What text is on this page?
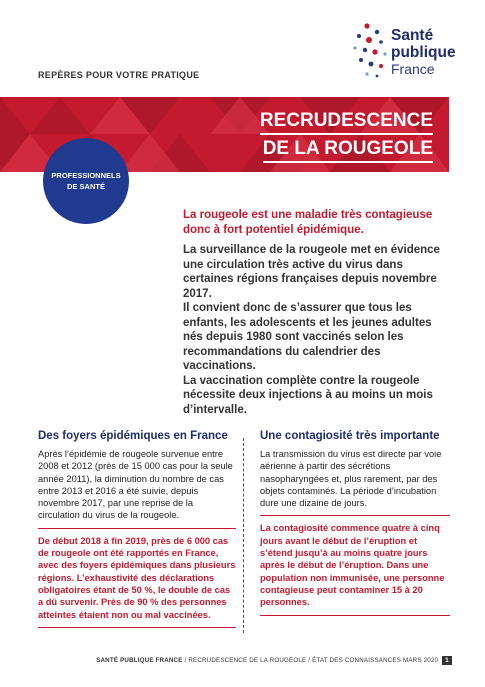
Santé
publique
France
REPÈRES POUR VOTRE PRATIQUE
RECRUDESCENCE
DE LA ROUGEOLE
PROFESSIONNELS
DE SANTÉ
La rougeole est une maladie très contagieuse donc à fort potentiel épidémique.

La surveillance de la rougeole met en évidence une circulation très active du virus dans certaines régions françaises depuis novembre 2017.

Il convient donc de s’assurer que tous les enfants, les adolescents et les jeunes adultes nés depuis 1980 sont vaccinés selon les recommandations du calendrier des vaccinations.

La vaccination complète contre la rougeole nécessite deux injections à au moins un mois d’intervalle.

Des foyers épidémiques en France
Après l’épidémie de rougeole survenue entre 2008 et 2012 (près de 15 000 cas pour la seule année 2011), la diminution du nombre de cas entre 2013 et 2016 a été suivie, depuis novembre 2017, par une reprise de la circulation du virus de la rougeole.
De début 2018 à fin 2019, près de 6 000 cas de rougeole ont été rapportés en France, avec des foyers épidémiques dans plusieurs régions. L’exhaustivité des déclarations obligatoires étant de 50 %, le double de cas a dû survenir. Près de 90 % des personnes atteintes étaient non ou mal vaccinées.
Une contagiosité très importante
La transmission du virus est directe par voie aérienne à partir des sécrétions nasopharyngées et, plus rarement, par des objets contaminés. La période d’incubation dure une dizaine de jours.
La contagiosité commence quatre à cinq jours avant le début de l’éruption et s’étend jusqu’à au moins quatre jours après le début de l’éruption. Dans une population non immunisée, une personne contagieuse peut contaminer 15 à 20 personnes.
SANTÉ PUBLIQUE FRANCE / RECRUDESCENCE DE LA ROUGEOLE / ÉTAT DES CONNAISSANCES MARS 2020 1
